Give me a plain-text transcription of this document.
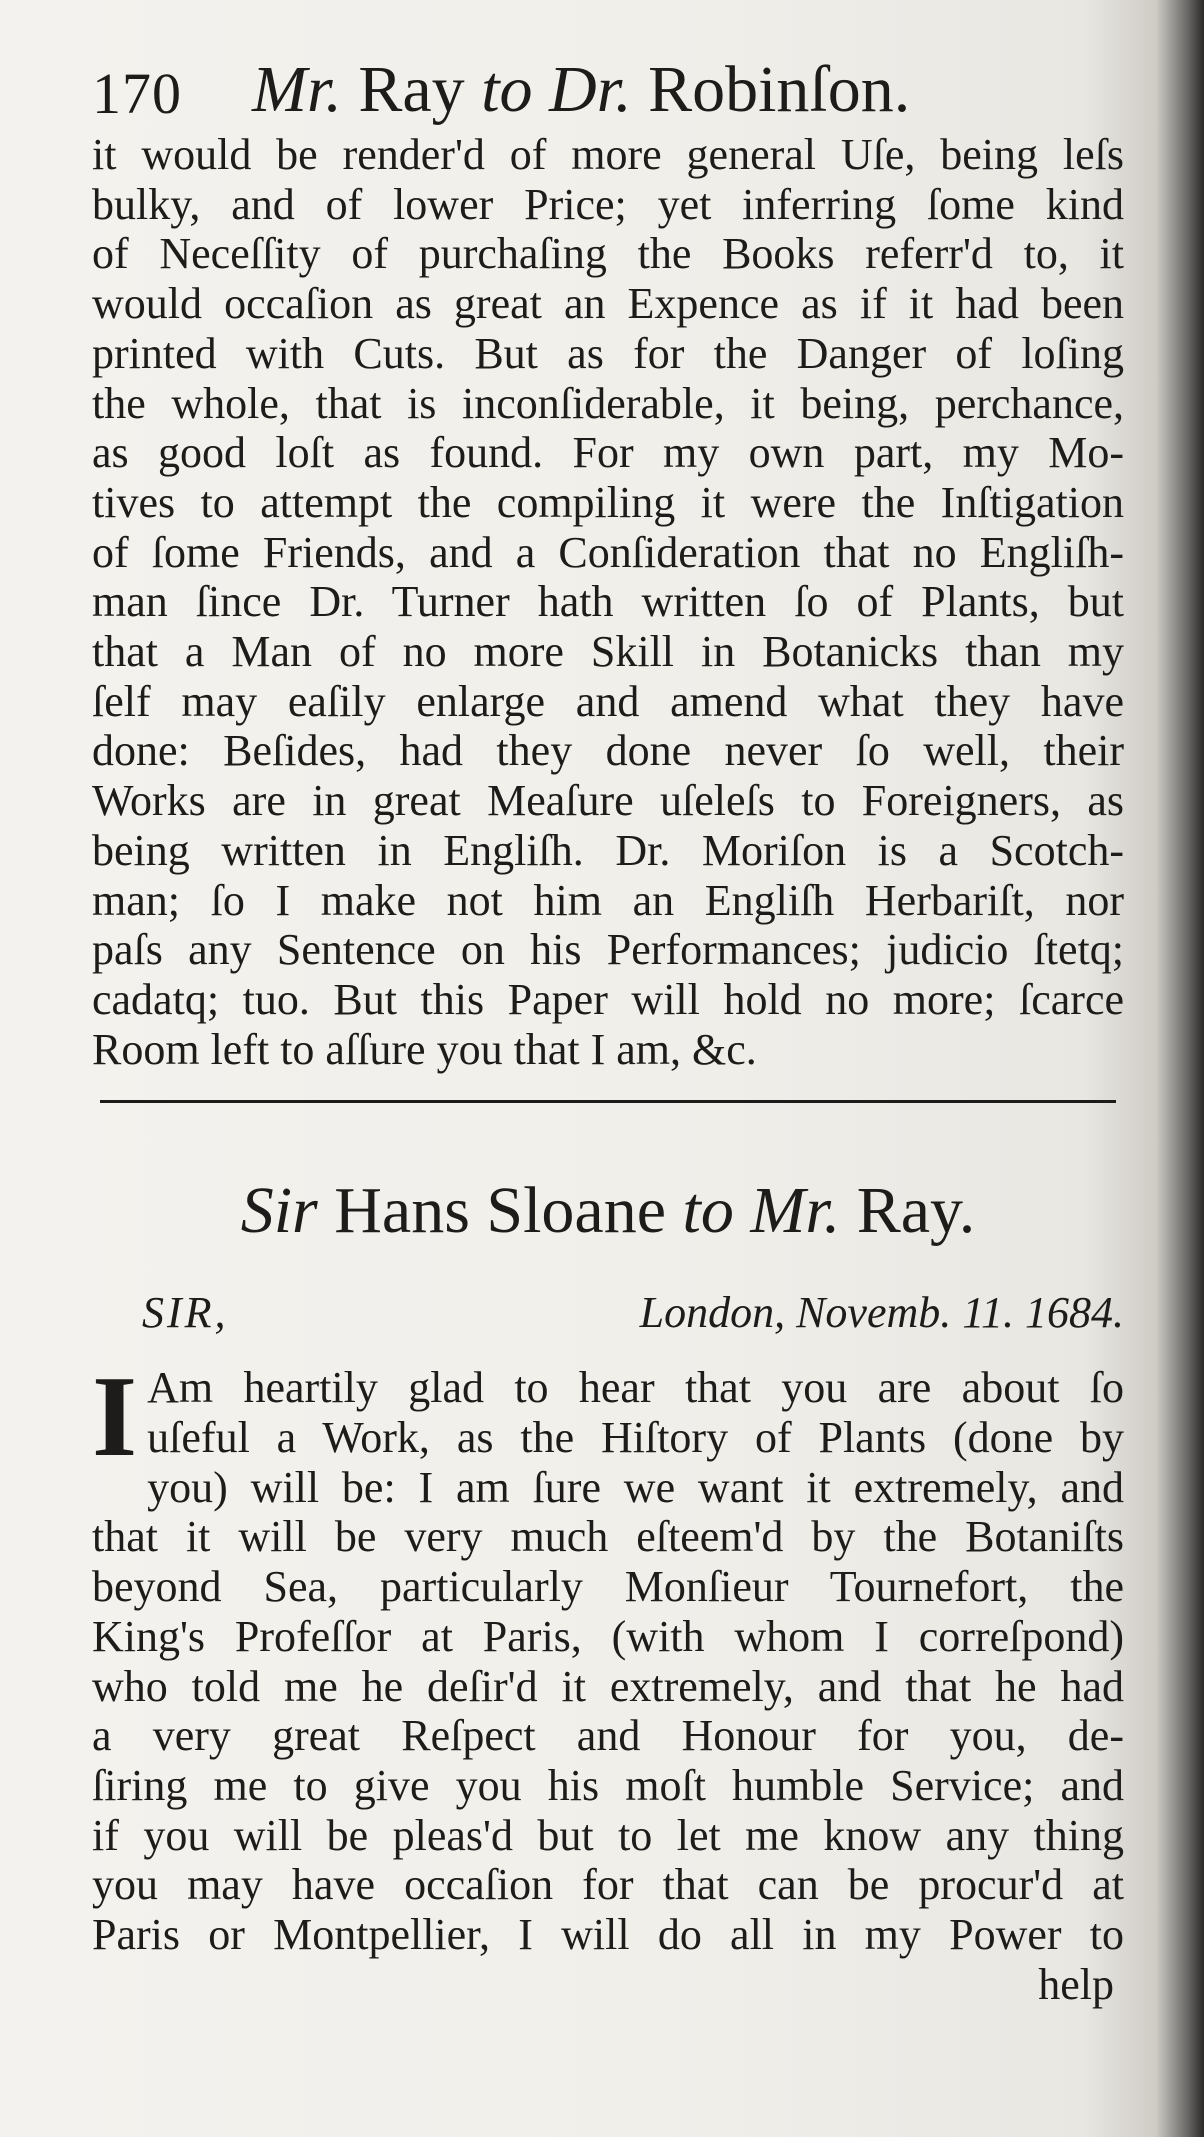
170 Mr. Ray to Dr. Robinſon.
it would be render'd of more general Uſe, being leſs
bulky, and of lower Price; yet inferring ſome kind
of Neceſſity of purchaſing the Books referr'd to, it
would occaſion as great an Expence as if it had been
printed with Cuts. But as for the Danger of loſing
the whole, that is inconſiderable, it being, perchance,
as good loſt as found. For my own part, my Mo-
tives to attempt the compiling it were the Inſtigation
of ſome Friends, and a Conſideration that no Engliſh-
man ſince Dr. Turner hath written ſo of Plants, but
that a Man of no more Skill in Botanicks than my
ſelf may eaſily enlarge and amend what they have
done: Beſides, had they done never ſo well, their
Works are in great Meaſure uſeleſs to Foreigners, as
being written in Engliſh. Dr. Moriſon is a Scotch-
man; ſo I make not him an Engliſh Herbariſt, nor
paſs any Sentence on his Performances; judicio ſtetq;
cadatq; tuo. But this Paper will hold no more; ſcarce
Room left to aſſure you that I am, &c.
Sir Hans Sloane to Mr. Ray.
SIR,	London, Novemb. 11. 1684.
I Am heartily glad to hear that you are about ſo
uſeful a Work, as the Hiſtory of Plants (done by
you) will be: I am ſure we want it extremely, and
that it will be very much eſteem'd by the Botaniſts
beyond Sea, particularly Monſieur Tournefort, the
King's Profeſſor at Paris, (with whom I correſpond)
who told me he deſir'd it extremely, and that he had
a very great Reſpect and Honour for you, de-
ſiring me to give you his moſt humble Service; and
if you will be pleas'd but to let me know any thing
you may have occaſion for that can be procur'd at
Paris or Montpellier, I will do all in my Power to
help
